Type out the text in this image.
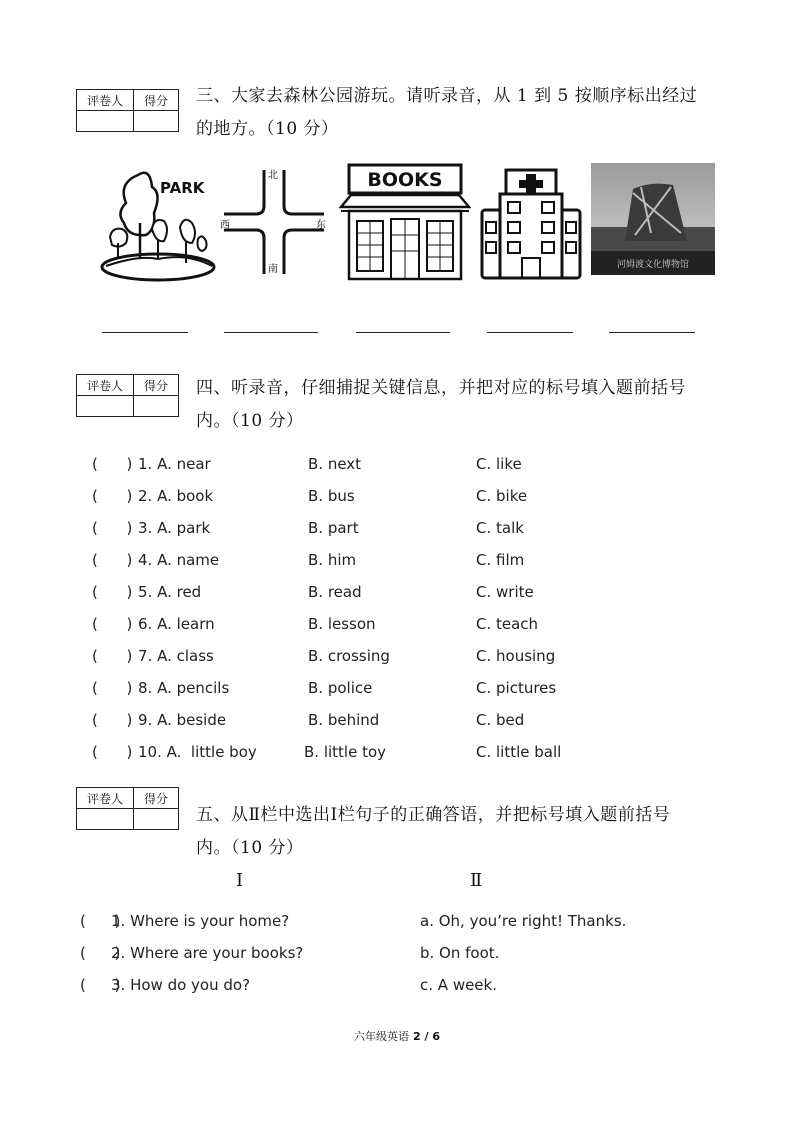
评卷人	得分
	三、大家去森林公园游玩。请听录音，从 1 到 5 按顺序标出经过
的地方。（10 分）
PARK
北
南
西	东
BOOKS
河姆渡文化博物馆
评卷人	得分
	四、听录音，仔细捕捉关键信息，并把对应的标号填入题前括号
内。（10 分）
(      ) 1. A. near	B. next	C. like
(      ) 2. A. book	B. bus	C. bike
(      ) 3. A. park	B. part	C. talk
(      ) 4. A. name	B. him	C. film
(      ) 5. A. red	B. read	C. write
(      ) 6. A. learn	B. lesson	C. teach
(      ) 7. A. class	B. crossing	C. housing
(      ) 8. A. pencils	B. police	C. pictures
(      ) 9. A. beside	B. behind	C. bed
(      ) 10. A.  little boy	B. little toy	C. little ball
评卷人	得分

五、从Ⅱ栏中选出Ⅰ栏句子的正确答语，并把标号填入题前括号
内。（10 分）
Ⅰ	Ⅱ
(      )
1. Where is your home?	a. Oh, you’re right! Thanks.
(      )
2. Where are your books?	b. On foot.
(      )
3. How do you do?	c. A week.
六年级英语 2 / 6
